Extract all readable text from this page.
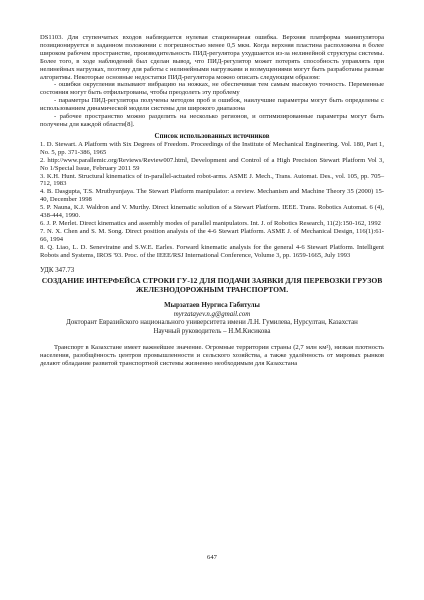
DS1103. Для ступенчатых входов наблюдается нулевая стационарная ошибка. Верхняя платформа манипулятора позиционируется в заданном положении с погрешностью менее 0,5 мкм. Когда верхняя пластина расположена в более широком рабочем пространстве, производительность ПИД-регулятора ухудшается из-за нелинейной структуры системы. Более того, в ходе наблюдений был сделан вывод, что ПИД-регулятор может потерять способность управлять при нелинейных нагрузках, поэтому для работы с нелинейными нагрузками и возмущениями могут быть разработаны разные алгоритмы. Некоторые основные недостатки ПИД-регулятора можно описать следующим образом:

- ошибки округления вызывают вибрацию на ножках, не обеспечивая тем самым высокую точность. Переменные состояния могут быть отфильтрованы, чтобы преодолеть эту проблему

- параметры ПИД-регулятора получены методом проб и ошибок, наилучшие параметры могут быть определены с использованием динамической модели системы для широкого диапазона

- рабочее пространство можно разделить на несколько регионов, и оптимизированные параметры могут быть получены для каждой области[8].

Список использованных источников

1. D. Stewart. A Platform with Six Degrees of Freedom. Proceedings of the Institute of Mechanical Engineering. Vol. 180, Part 1, No. 5, pp. 371-386, 1965

2. http://www.parallemic.org/Reviews/Review007.html, Development and Control of a High Precision Stewart Platform Vol 3, No 1/Special Issue, February 2011 59

3. K.H. Hunt. Structural kinematics of in-parallel-actuated robot-arms. ASME J. Mech., Trans. Automat. Des., vol. 105, pp. 705–712, 1983

4. B. Dasgupta, T.S. Mruthyunjaya. The Stewart Platform manipulator: a review. Mechanism and Machine Theory 35 (2000) 15-40, December 1998

5. P. Nauna, K.J. Waldron and V. Murthy. Direct kinematic solution of a Stewart Platform. IEEE. Trans. Robotics Automat. 6 (4), 438-444, 1990.

6. J. P. Merlet. Direct kinematics and assembly modes of parallel manipulators. Int. J. of Robotics Research, 11(2):150-162, 1992

7. N. X. Chen and S. M. Song. Direct position analysis of the 4-6 Stewart Platform. ASME J. of Mechanical Design, 116(1):61-66, 1994

8. Q. Liao, L. D. Seneviratne and S.W.E. Earles. Forward kinematic analysis for the general 4-6 Stewart Platform. Intelligent Robots and Systems, IROS '93. Proc. of the IEEE/RSJ International Conference, Volume 3, pp. 1659-1665, July 1993

УДК 347.73
СОЗДАНИЕ ИНТЕРФЕЙСА СТРОКИ ГУ-12 ДЛЯ ПОДАЧИ ЗАЯВКИ ДЛЯ ПЕРЕВОЗКИ ГРУЗОВ ЖЕЛЕЗНОДОРОЖНЫМ ТРАНСПОРТОМ.

Мырзатаев Нургиса Габитулы

myrzatayev.n.g@gmail.com

Докторант Евразийского национального университета имени Л.Н. Гумилева, Нурсултан, Казахстан

Научный руководитель – Н.М.Кисикова

Транспорт в Казахстане имеет важнейшее значение. Огромные территории страны (2,7 млн км²), низкая плотность населения, разобщённость центров промышленности и сельского хозяйства, а также удалённость от мировых рынков делают обладание развитой транспортной системы жизненно необходимым для Казахстана

647
